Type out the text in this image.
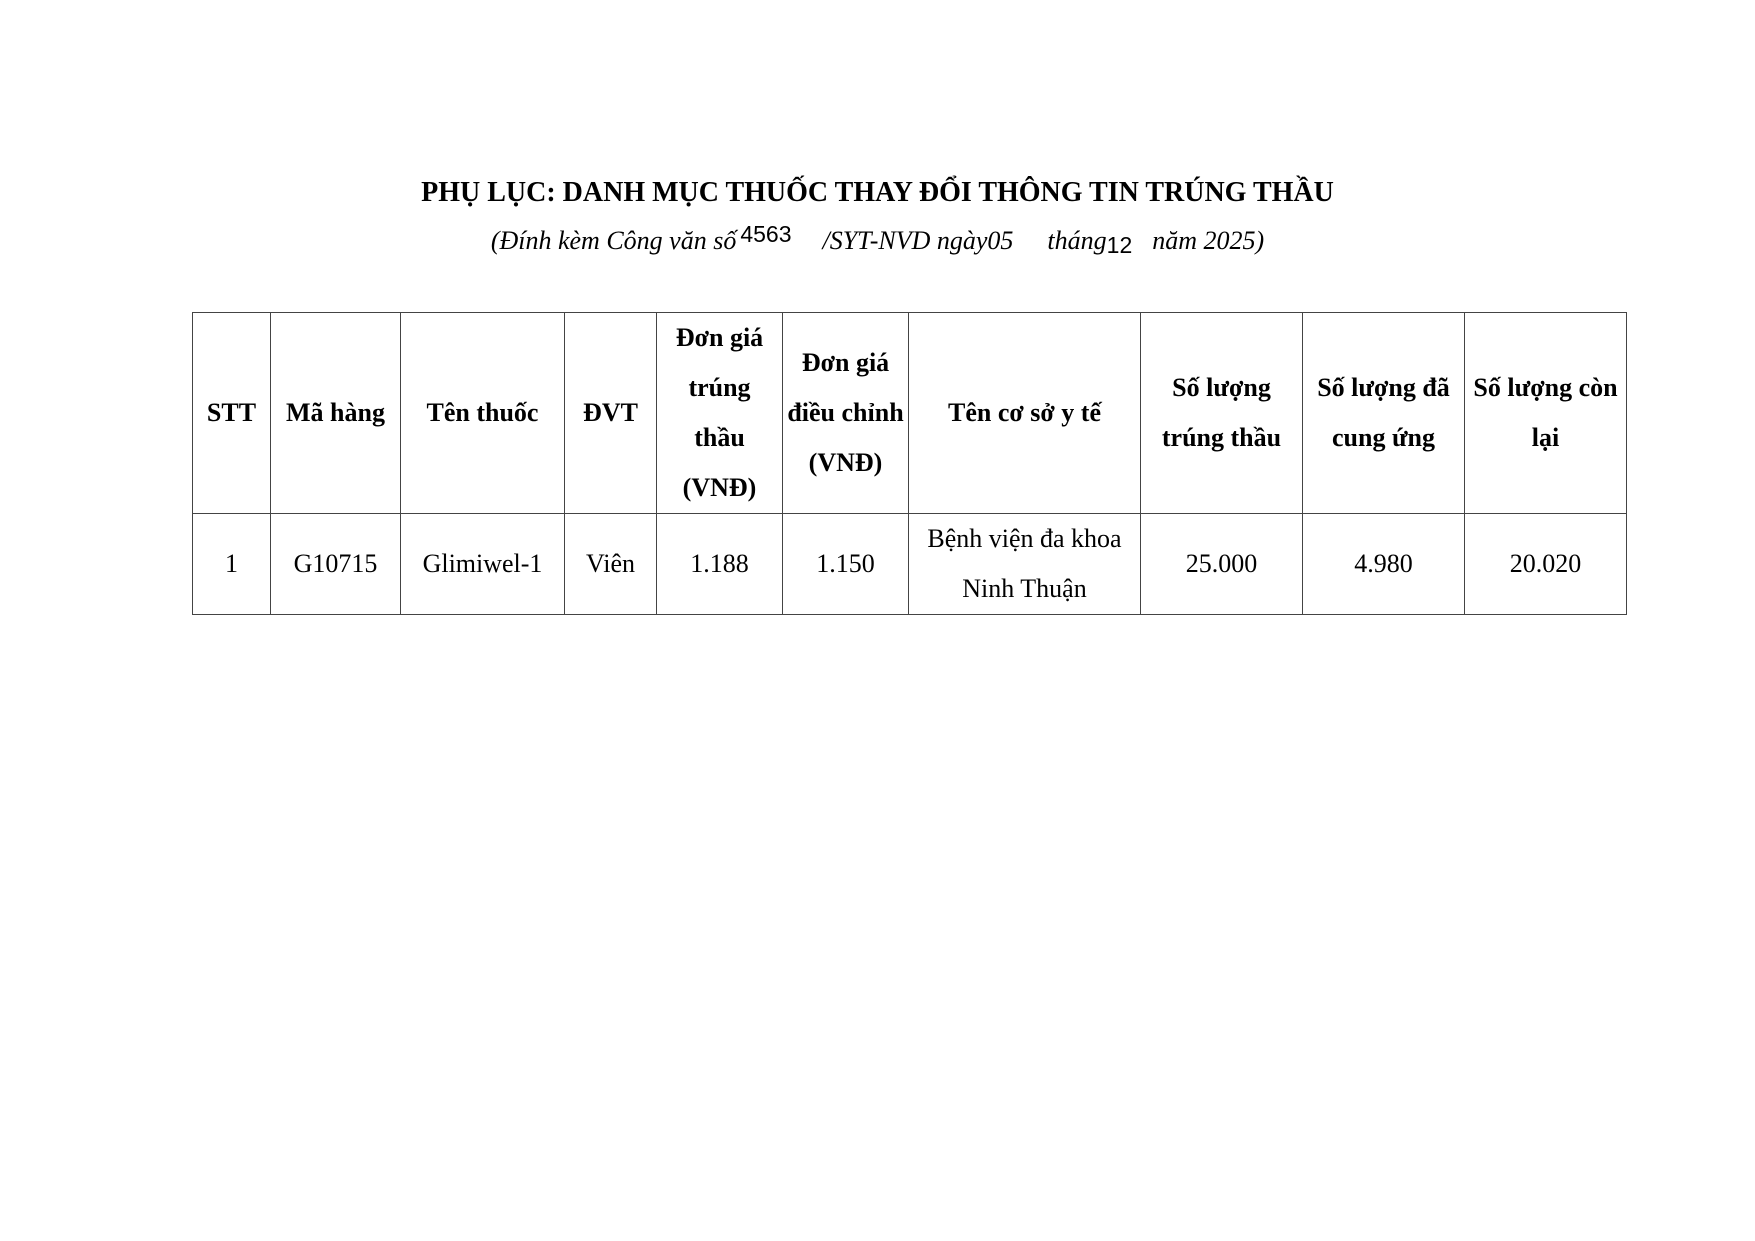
PHỤ LỤC: DANH MỤC THUỐC THAY ĐỔI THÔNG TIN TRÚNG THẦU

(Đính kèm Công văn số 4563 /SYT-NVD ngày05 tháng12 năm 2025)

STT	Mã hàng	Tên thuốc	ĐVT	Đơn giá trúng thầu (VNĐ)	Đơn giá điều chỉnh (VNĐ)	Tên cơ sở y tế	Số lượng trúng thầu	Số lượng đã cung ứng	Số lượng còn lại
1	G10715	Glimiwel-1	Viên	1.188	1.150	Bệnh viện đa khoa Ninh Thuận	25.000	4.980	20.020
